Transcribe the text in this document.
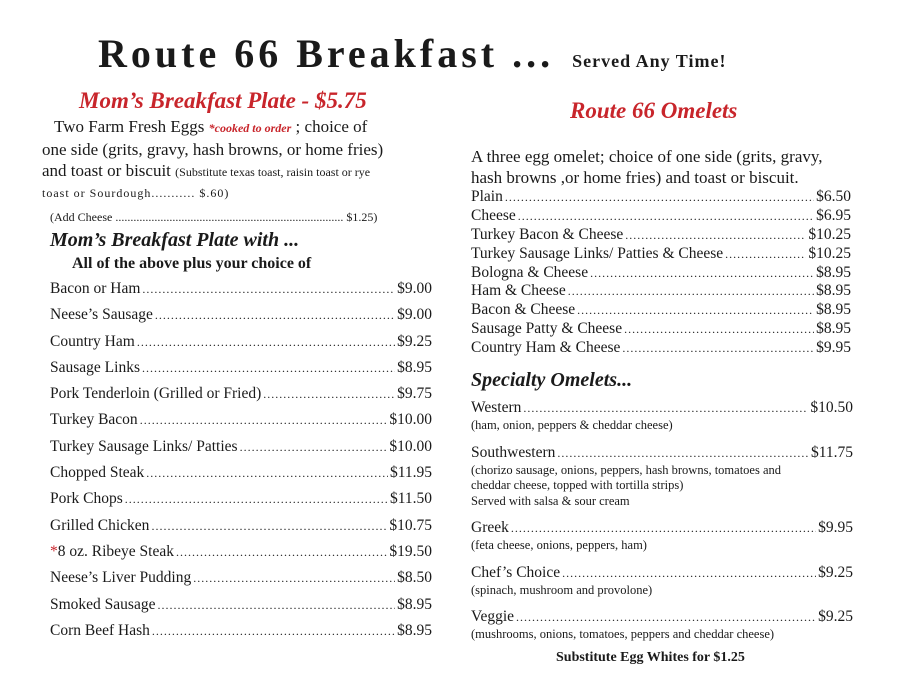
Route 66 Breakfast ... Served Any Time!
Mom’s Breakfast Plate - $5.75
Two Farm Fresh Eggs *cooked to order ; choice of
one side (grits, gravy, hash browns, or home fries)
and toast or biscuit (Substitute texas toast, raisin toast or rye
toast or Sourdough........... $.60)
(Add Cheese ............................................................................ $1.25)
Mom’s Breakfast Plate with ...
All of the above plus your choice of
Bacon or Ham .....	$9.00
Neese’s Sausage .....	$9.00
Country Ham .....	$9.25
Sausage Links .....	$8.95
Pork Tenderloin (Grilled or Fried) .....	$9.75
Turkey Bacon .....	$10.00
Turkey Sausage Links/ Patties .....	$10.00
Chopped Steak .....	$11.95
Pork Chops .....	$11.50
Grilled Chicken .....	$10.75
*8 oz. Ribeye Steak .....	$19.50
Neese’s Liver Pudding .....	$8.50
Smoked Sausage .....	$8.95
Corn Beef Hash .....	$8.95
Route 66 Omelets
A three egg omelet; choice of one side (grits, gravy,
hash browns ,or home fries) and toast or biscuit.
Plain .....	$6.50
Cheese .....	$6.95
Turkey Bacon & Cheese .....	$10.25
Turkey Sausage Links/ Patties & Cheese .....	$10.25
Bologna & Cheese .....	$8.95
Ham & Cheese .....	$8.95
Bacon & Cheese .....	$8.95
Sausage Patty & Cheese .....	$8.95
Country Ham & Cheese .....	$9.95
Specialty Omelets...
Western .....	$10.50
(ham, onion, peppers & cheddar cheese)
Southwestern .....	$11.75
(chorizo sausage, onions, peppers, hash browns, tomatoes and
cheddar cheese, topped with tortilla strips)
Served with salsa & sour cream
Greek .....	$9.95
(feta cheese, onions, peppers, ham)
Chef’s Choice .....	$9.25
(spinach, mushroom and provolone)
Veggie .....	$9.25
(mushrooms, onions, tomatoes, peppers and cheddar cheese)
Substitute Egg Whites for $1.25
